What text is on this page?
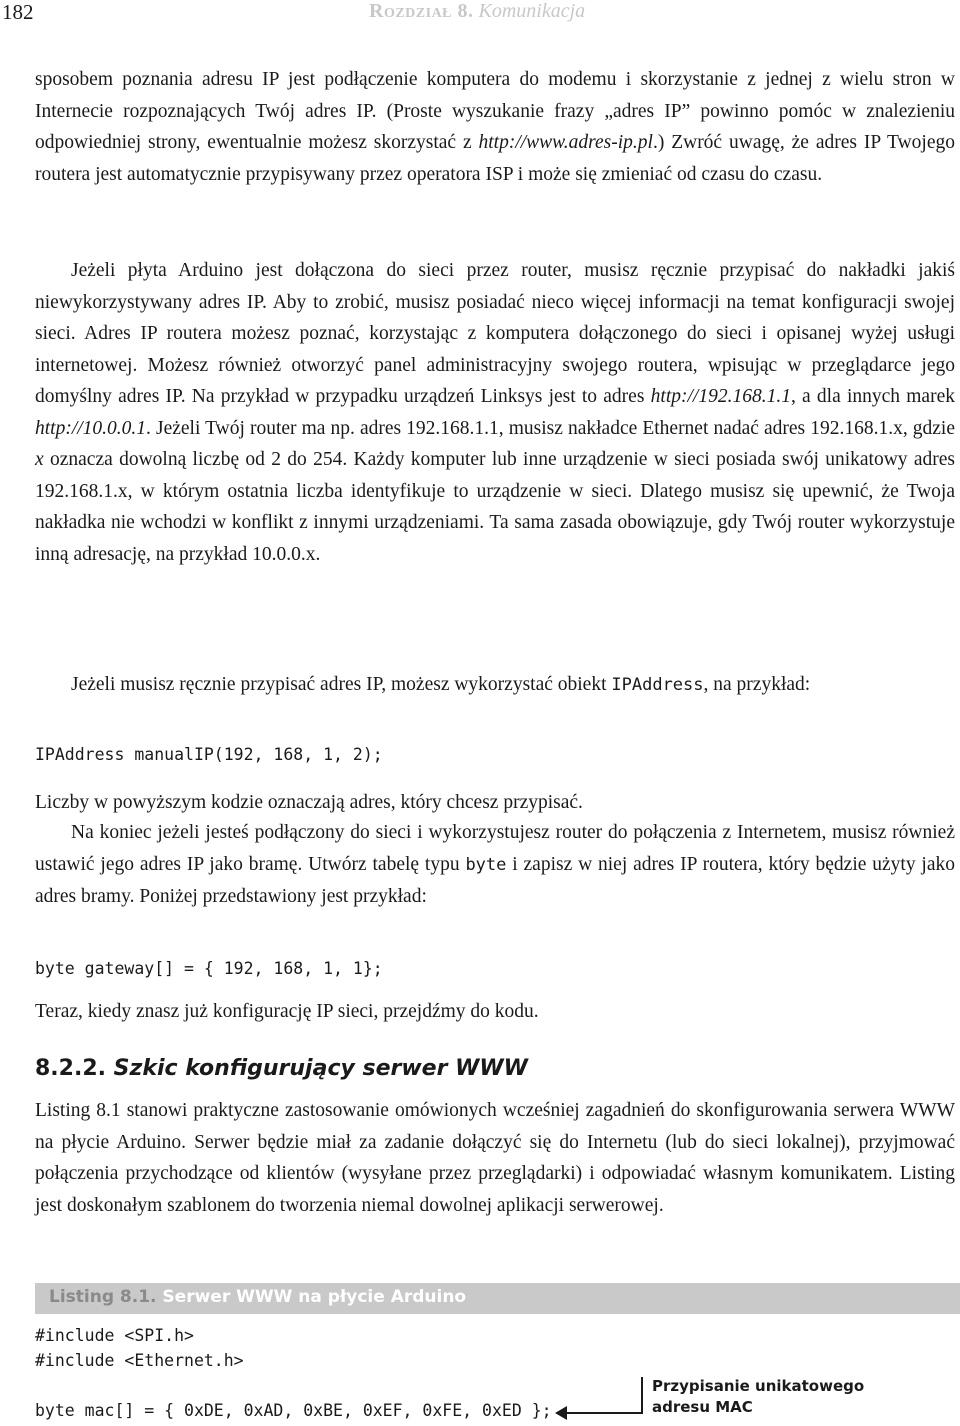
182	Rozdział 8. Komunikacja

sposobem poznania adresu IP jest podłączenie komputera do modemu i skorzystanie z jednej z wielu stron w Internecie rozpoznających Twój adres IP. (Proste wyszukanie frazy „adres IP” powinno pomóc w znalezieniu odpowiedniej strony, ewentualnie możesz skorzystać z http://www.adres-ip.pl.) Zwróć uwagę, że adres IP Twojego routera jest automatycznie przypisywany przez operatora ISP i może się zmieniać od czasu do czasu.

Jeżeli płyta Arduino jest dołączona do sieci przez router, musisz ręcznie przypisać do nakładki jakiś niewykorzystywany adres IP. Aby to zrobić, musisz posiadać nieco więcej informacji na temat konfiguracji swojej sieci. Adres IP routera możesz poznać, korzystając z komputera dołączonego do sieci i opisanej wyżej usługi internetowej. Możesz również otworzyć panel administracyjny swojego routera, wpisując w przeglądarce jego domyślny adres IP. Na przykład w przypadku urządzeń Linksys jest to adres http://192.168.1.1, a dla innych marek http://10.0.0.1. Jeżeli Twój router ma np. adres 192.168.1.1, musisz nakładce Ethernet nadać adres 192.168.1.x, gdzie x oznacza dowolną liczbę od 2 do 254. Każdy komputer lub inne urządzenie w sieci posiada swój unikatowy adres 192.168.1.x, w którym ostatnia liczba identyfikuje to urządzenie w sieci. Dlatego musisz się upewnić, że Twoja nakładka nie wchodzi w konflikt z innymi urządzeniami. Ta sama zasada obowiązuje, gdy Twój router wykorzystuje inną adresację, na przykład 10.0.0.x.

Jeżeli musisz ręcznie przypisać adres IP, możesz wykorzystać obiekt IPAddress, na przykład:

IPAddress manualIP(192, 168, 1, 2);

Liczby w powyższym kodzie oznaczają adres, który chcesz przypisać.

Na koniec jeżeli jesteś podłączony do sieci i wykorzystujesz router do połączenia z Internetem, musisz również ustawić jego adres IP jako bramę. Utwórz tabelę typu byte i zapisz w niej adres IP routera, który będzie użyty jako adres bramy. Poniżej przedstawiony jest przykład:

byte gateway[] = { 192, 168, 1, 1};

Teraz, kiedy znasz już konfigurację IP sieci, przejdźmy do kodu.

8.2.2. Szkic konfigurujący serwer WWW

Listing 8.1 stanowi praktyczne zastosowanie omówionych wcześniej zagadnień do skonfigurowania serwera WWW na płycie Arduino. Serwer będzie miał za zadanie dołączyć się do Internetu (lub do sieci lokalnej), przyjmować połączenia przychodzące od klientów (wysyłane przez przeglądarki) i odpowiadać własnym komunikatem. Listing jest doskonałym szablonem do tworzenia niemal dowolnej aplikacji serwerowej.

Listing 8.1. Serwer WWW na płycie Arduino
#include <SPI.h>
#include <Ethernet.h>
byte mac[] = { 0xDE, 0xAD, 0xBE, 0xEF, 0xFE, 0xED };
Przypisanie unikatowego
adresu MAC
